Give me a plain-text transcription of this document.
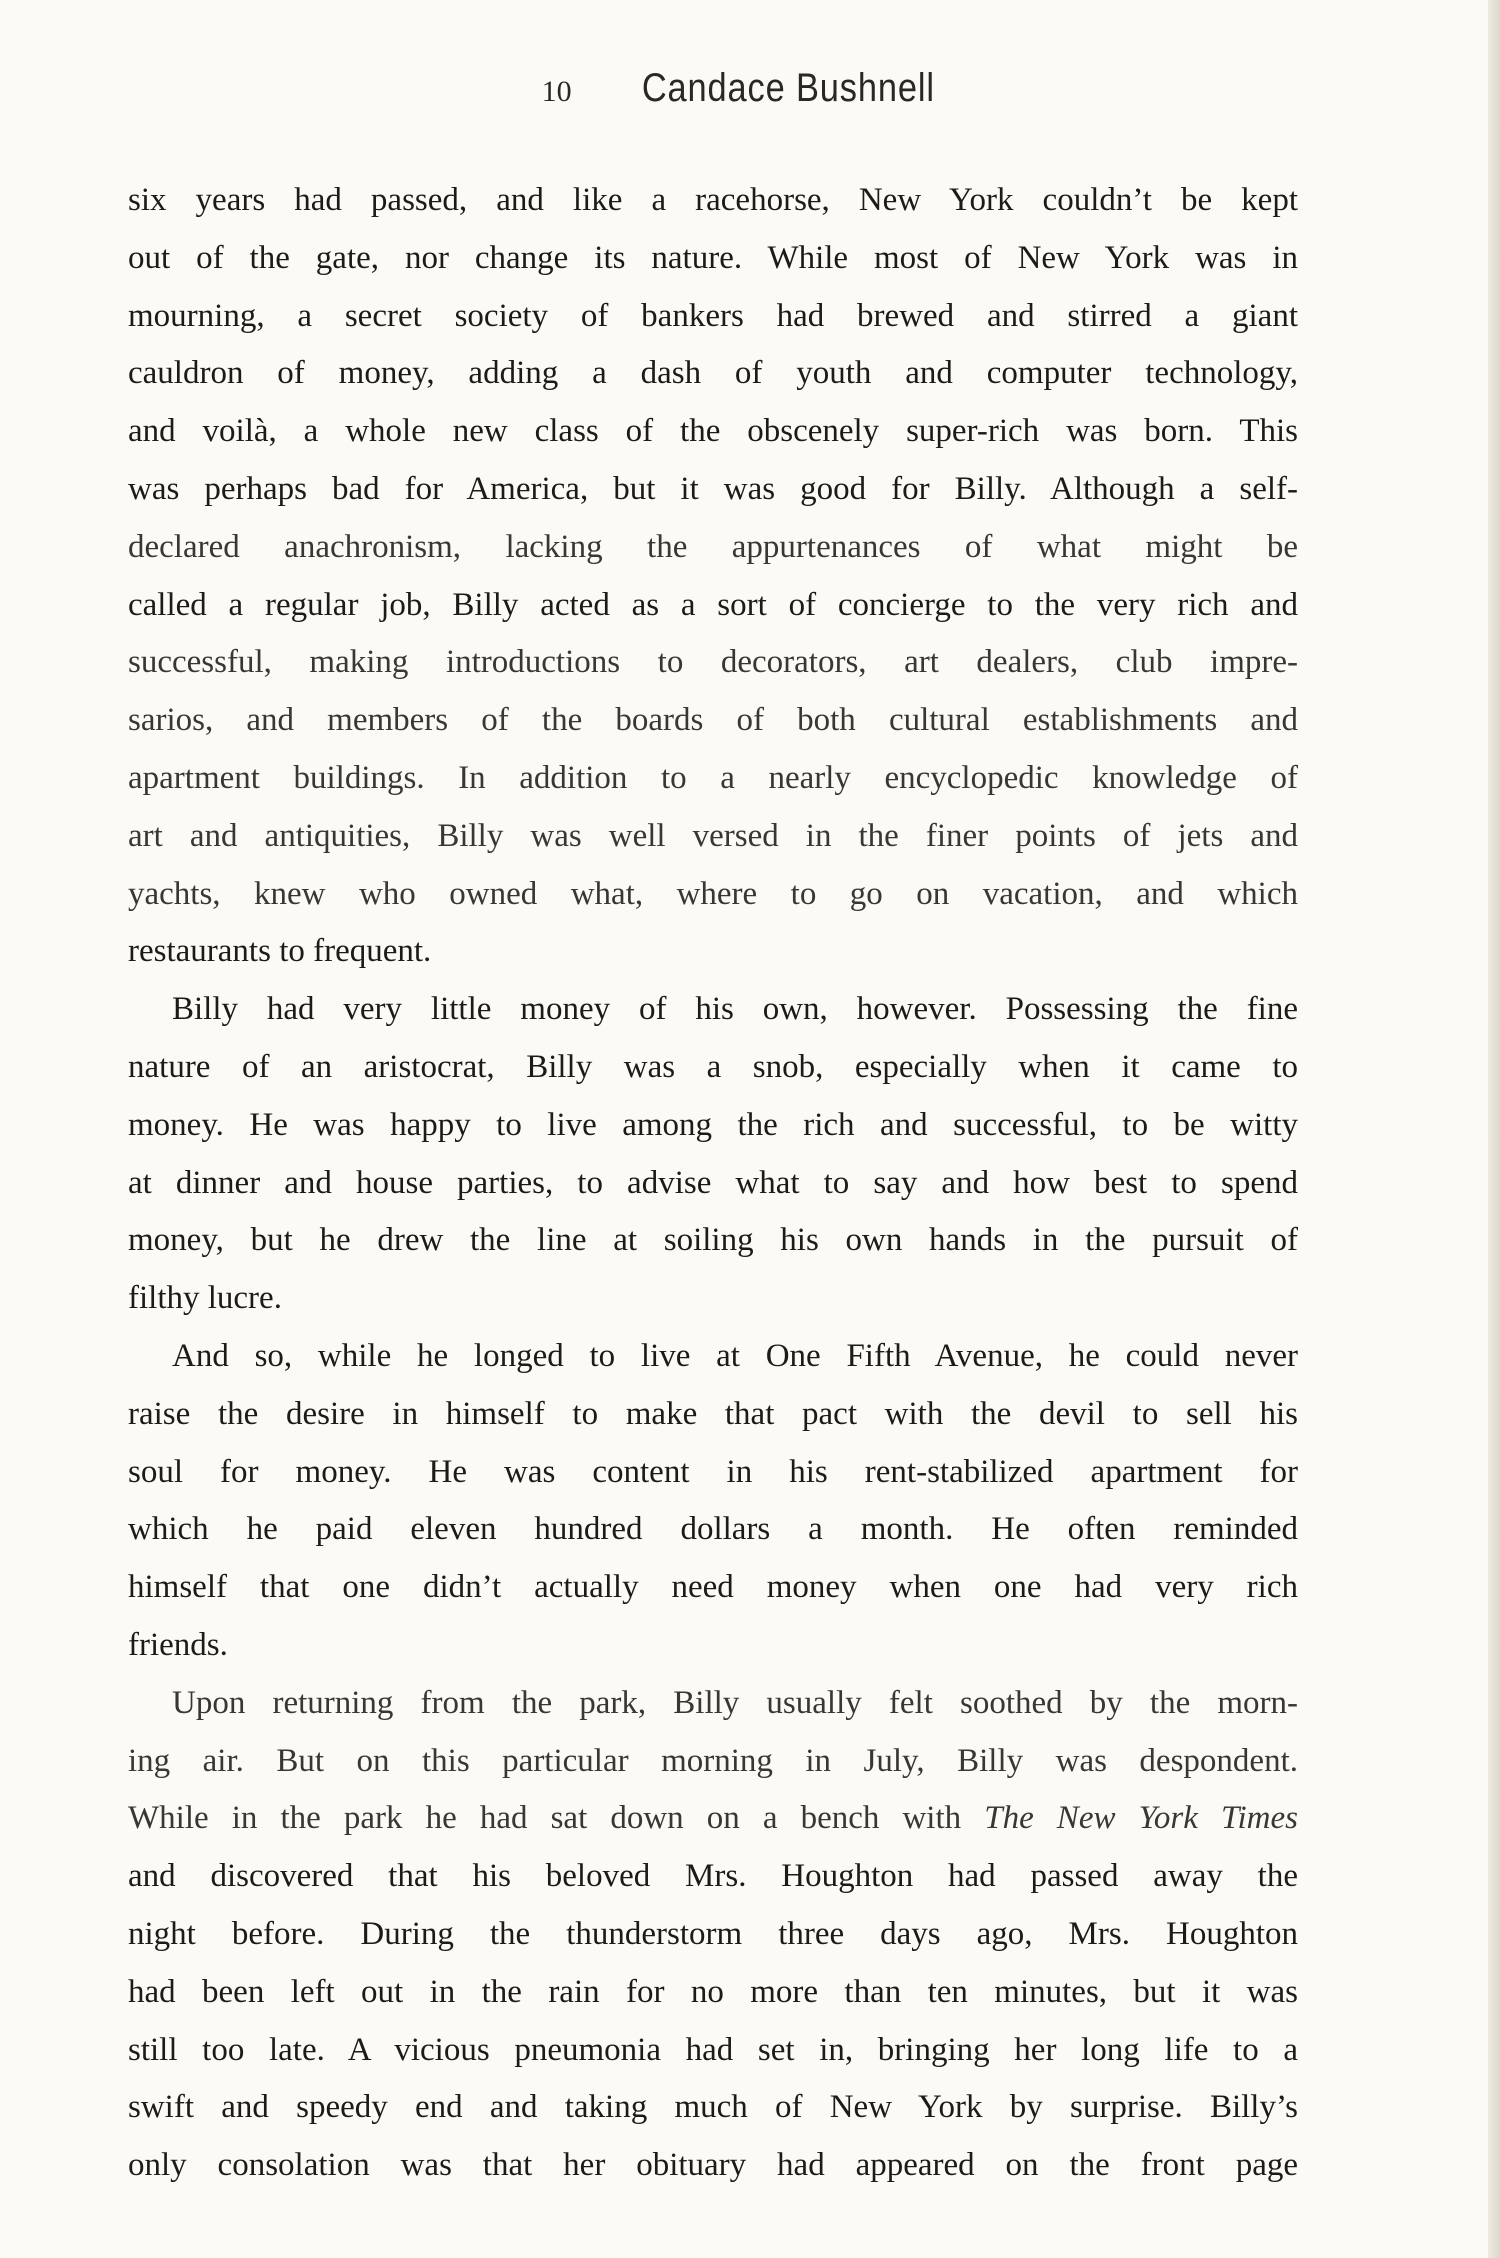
10 Candace Bushnell
six years had passed, and like a racehorse, New York couldn’t be kept
out of the gate, nor change its nature. While most of New York was in
mourning, a secret society of bankers had brewed and stirred a giant
cauldron of money, adding a dash of youth and computer technology,
and voilà, a whole new class of the obscenely super-rich was born. This
was perhaps bad for America, but it was good for Billy. Although a self-
declared anachronism, lacking the appurtenances of what might be
called a regular job, Billy acted as a sort of concierge to the very rich and
successful, making introductions to decorators, art dealers, club impre-
sarios, and members of the boards of both cultural establishments and
apartment buildings. In addition to a nearly encyclopedic knowledge of
art and antiquities, Billy was well versed in the finer points of jets and
yachts, knew who owned what, where to go on vacation, and which
restaurants to frequent.
Billy had very little money of his own, however. Possessing the fine
nature of an aristocrat, Billy was a snob, especially when it came to
money. He was happy to live among the rich and successful, to be witty
at dinner and house parties, to advise what to say and how best to spend
money, but he drew the line at soiling his own hands in the pursuit of
filthy lucre.
And so, while he longed to live at One Fifth Avenue, he could never
raise the desire in himself to make that pact with the devil to sell his
soul for money. He was content in his rent-stabilized apartment for
which he paid eleven hundred dollars a month. He often reminded
himself that one didn’t actually need money when one had very rich
friends.
Upon returning from the park, Billy usually felt soothed by the morn-
ing air. But on this particular morning in July, Billy was despondent.
While in the park he had sat down on a bench with The New York Times
and discovered that his beloved Mrs. Houghton had passed away the
night before. During the thunderstorm three days ago, Mrs. Houghton
had been left out in the rain for no more than ten minutes, but it was
still too late. A vicious pneumonia had set in, bringing her long life to a
swift and speedy end and taking much of New York by surprise. Billy’s
only consolation was that her obituary had appeared on the front page
